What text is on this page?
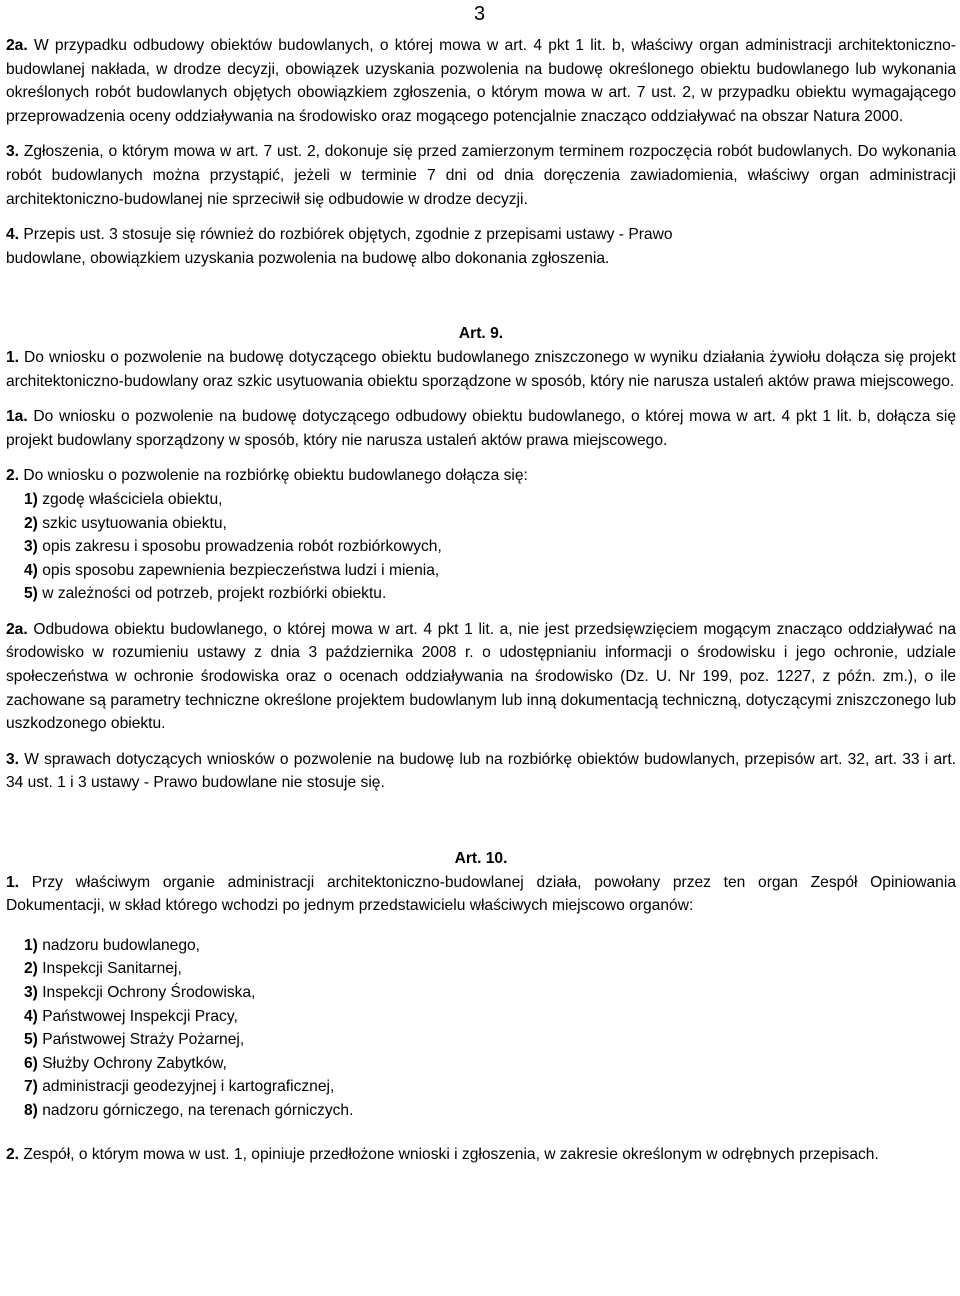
3

2a. W przypadku odbudowy obiektów budowlanych, o której mowa w art. 4 pkt 1 lit. b, właściwy organ administracji architektoniczno-budowlanej nakłada, w drodze decyzji, obowiązek uzyskania pozwolenia na budowę określonego obiektu budowlanego lub wykonania określonych robót budowlanych objętych obowiązkiem zgłoszenia, o którym mowa w art. 7 ust. 2, w przypadku obiektu wymagającego przeprowadzenia oceny oddziaływania na środowisko oraz mogącego potencjalnie znacząco oddziaływać na obszar Natura 2000.

3. Zgłoszenia, o którym mowa w art. 7 ust. 2, dokonuje się przed zamierzonym terminem rozpoczęcia robót budowlanych. Do wykonania robót budowlanych można przystąpić, jeżeli w terminie 7 dni od dnia doręczenia zawiadomienia, właściwy organ administracji architektoniczno-budowlanej nie sprzeciwił się odbudowie w drodze decyzji.

4. Przepis ust. 3 stosuje się również do rozbiórek objętych, zgodnie z przepisami ustawy - Prawo budowlane, obowiązkiem uzyskania pozwolenia na budowę albo dokonania zgłoszenia.

Art. 9.

1. Do wniosku o pozwolenie na budowę dotyczącego obiektu budowlanego zniszczonego w wyniku działania żywiołu dołącza się projekt architektoniczno-budowlany oraz szkic usytuowania obiektu sporządzone w sposób, który nie narusza ustaleń aktów prawa miejscowego.

1a. Do wniosku o pozwolenie na budowę dotyczącego odbudowy obiektu budowlanego, o której mowa w art. 4 pkt 1 lit. b, dołącza się projekt budowlany sporządzony w sposób, który nie narusza ustaleń aktów prawa miejscowego.

2. Do wniosku o pozwolenie na rozbiórkę obiektu budowlanego dołącza się:

1) zgodę właściciela obiektu,
2) szkic usytuowania obiektu,
3) opis zakresu i sposobu prowadzenia robót rozbiórkowych,
4) opis sposobu zapewnienia bezpieczeństwa ludzi i mienia,
5) w zależności od potrzeb, projekt rozbiórki obiektu.

2a. Odbudowa obiektu budowlanego, o której mowa w art. 4 pkt 1 lit. a, nie jest przedsięwzięciem mogącym znacząco oddziaływać na środowisko w rozumieniu ustawy z dnia 3 października 2008 r. o udostępnianiu informacji o środowisku i jego ochronie, udziale społeczeństwa w ochronie środowiska oraz o ocenach oddziaływania na środowisko (Dz. U. Nr 199, poz. 1227, z późn. zm.), o ile zachowane są parametry techniczne określone projektem budowlanym lub inną dokumentacją techniczną, dotyczącymi zniszczonego lub uszkodzonego obiektu.

3. W sprawach dotyczących wniosków o pozwolenie na budowę lub na rozbiórkę obiektów budowlanych, przepisów art. 32, art. 33 i art. 34 ust. 1 i 3 ustawy - Prawo budowlane nie stosuje się.

Art. 10.

1. Przy właściwym organie administracji architektoniczno-budowlanej działa, powołany przez ten organ Zespół Opiniowania Dokumentacji, w skład którego wchodzi po jednym przedstawicielu właściwych miejscowo organów:

1) nadzoru budowlanego,
2) Inspekcji Sanitarnej,
3) Inspekcji Ochrony Środowiska,
4) Państwowej Inspekcji Pracy,
5) Państwowej Straży Pożarnej,
6) Służby Ochrony Zabytków,
7) administracji geodezyjnej i kartograficznej,
8) nadzoru górniczego, na terenach górniczych.

2. Zespół, o którym mowa w ust. 1, opiniuje przedłożone wnioski i zgłoszenia, w zakresie określonym w odrębnych przepisach.
